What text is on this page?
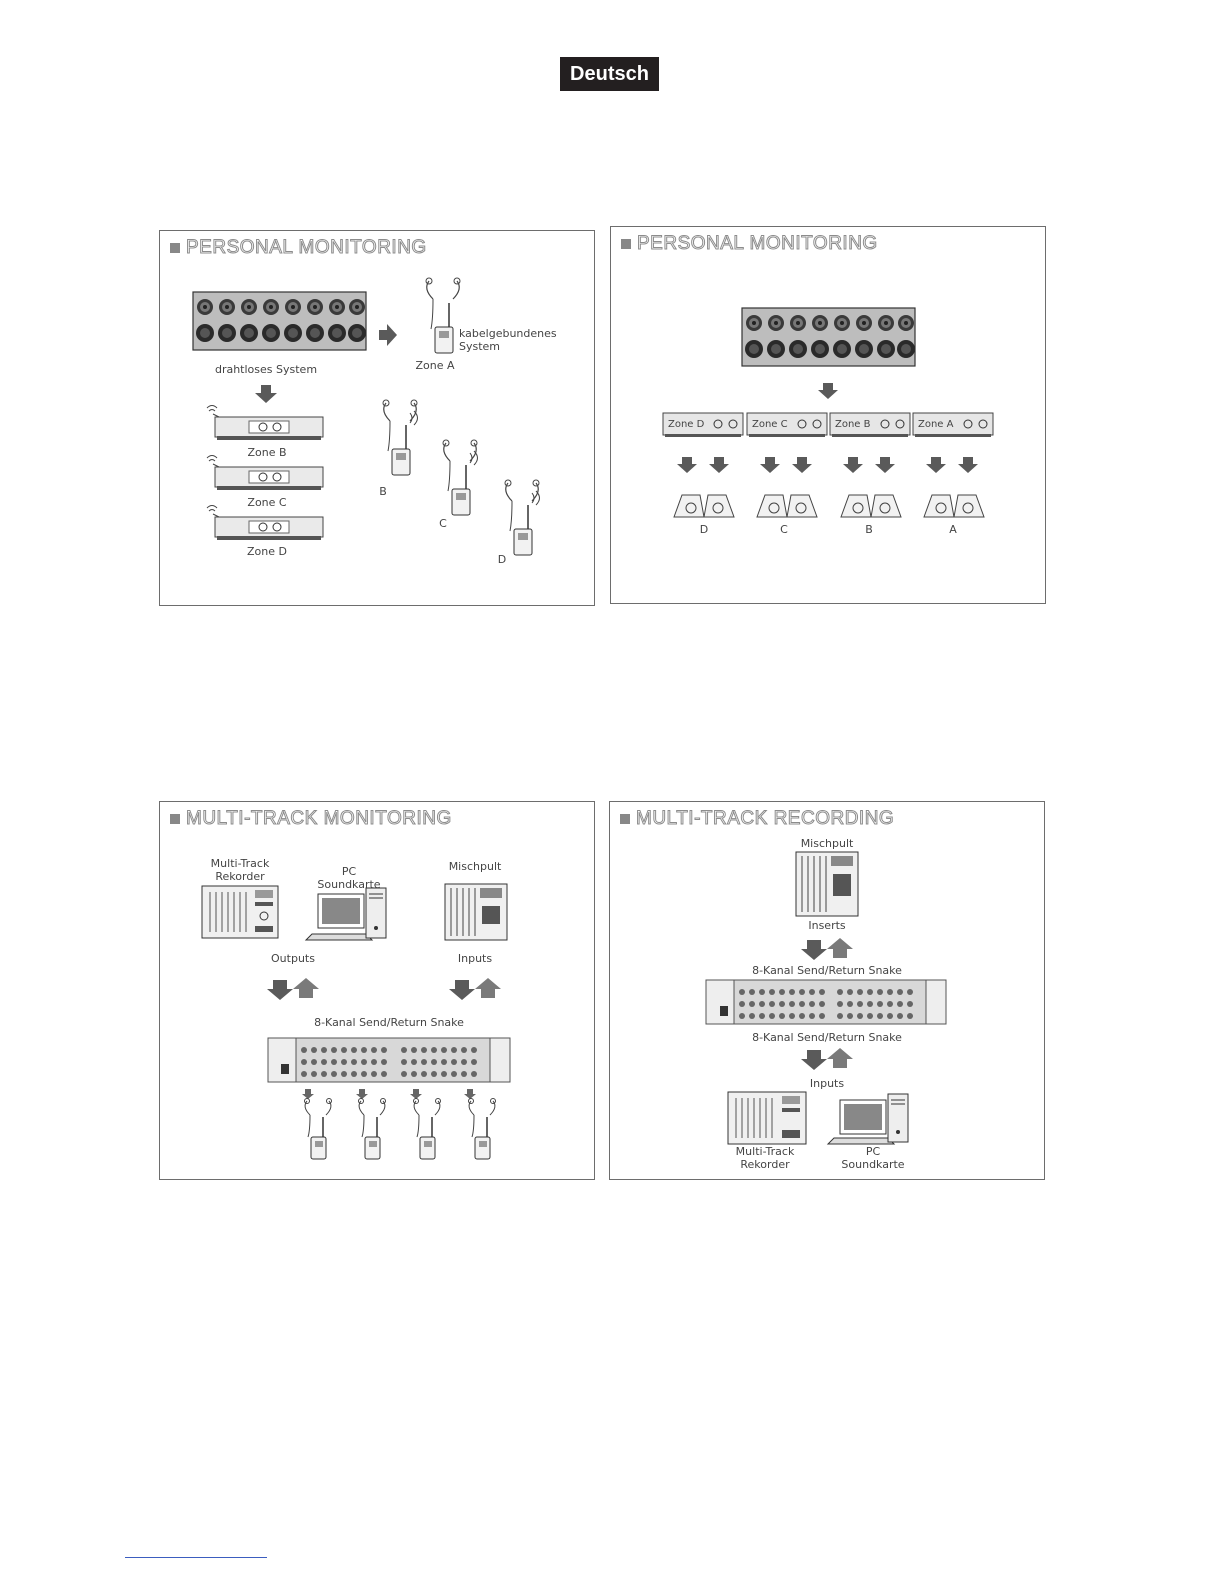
Deutsch
PERSONAL MONITORING
kabelgebundenes
System
Zone A
drahtloses System
Zone B
Zone C
Zone D
B
C
D
PERSONAL MONITORING
Zone D	Zone C	Zone B	Zone A
D	C	B	A
MULTI-TRACK MONITORING
Multi-Track
Rekorder	PC
Soundkarte
Mischpult
Outputs	Inputs
8-Kanal Send/Return Snake
MULTI-TRACK RECORDING
Mischpult
Inserts
8-Kanal Send/Return Snake
8-Kanal Send/Return Snake
Inputs
Multi-Track
Rekorder
PC
Soundkarte
